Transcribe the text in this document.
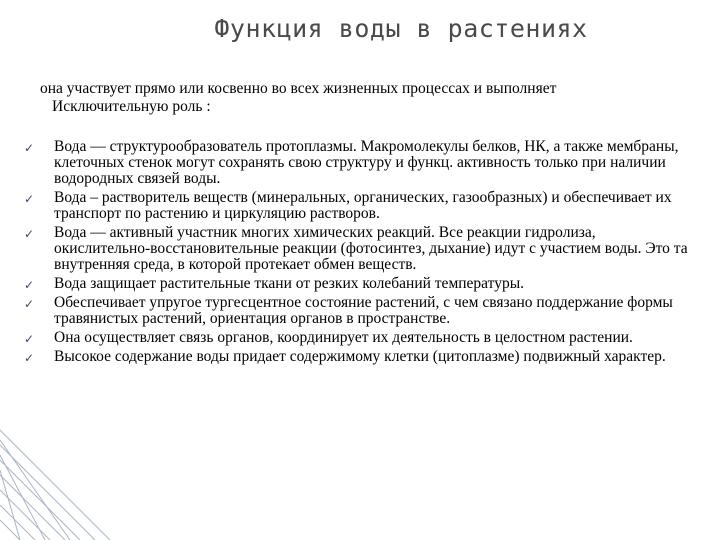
Функция воды в растениях
она участвует прямо или косвенно во всех жизненных процессах и выполняет
Исключительную роль :
✓ Вода — структурообразователь протоплазмы. Макромолекулы белков, НК, а также мембраны, клеточных стенок могут сохранять свою структуру и функц. активность только при наличии водородных связей воды.
✓ Вода – растворитель веществ (минеральных, органических, газообразных) и обеспечивает их транспорт по растению и циркуляцию растворов.
✓ Вода — активный участник многих химических реакций. Все реакции гидролиза, окислительно-восстановительные реакции (фотосинтез, дыхание) идут с участием воды. Это та внутренняя среда, в которой протекает обмен веществ.
✓ Вода защищает растительные ткани от резких колебаний температуры.
✓ Обеспечивает упругое тургесцентное состояние растений, с чем связано поддержание формы травянистых растений, ориентация органов в пространстве.
✓ Она осуществляет связь органов, координирует их деятельность в целостном растении.
✓ Высокое содержание воды придает содержимому клетки (цитоплазме) подвижный характер.
